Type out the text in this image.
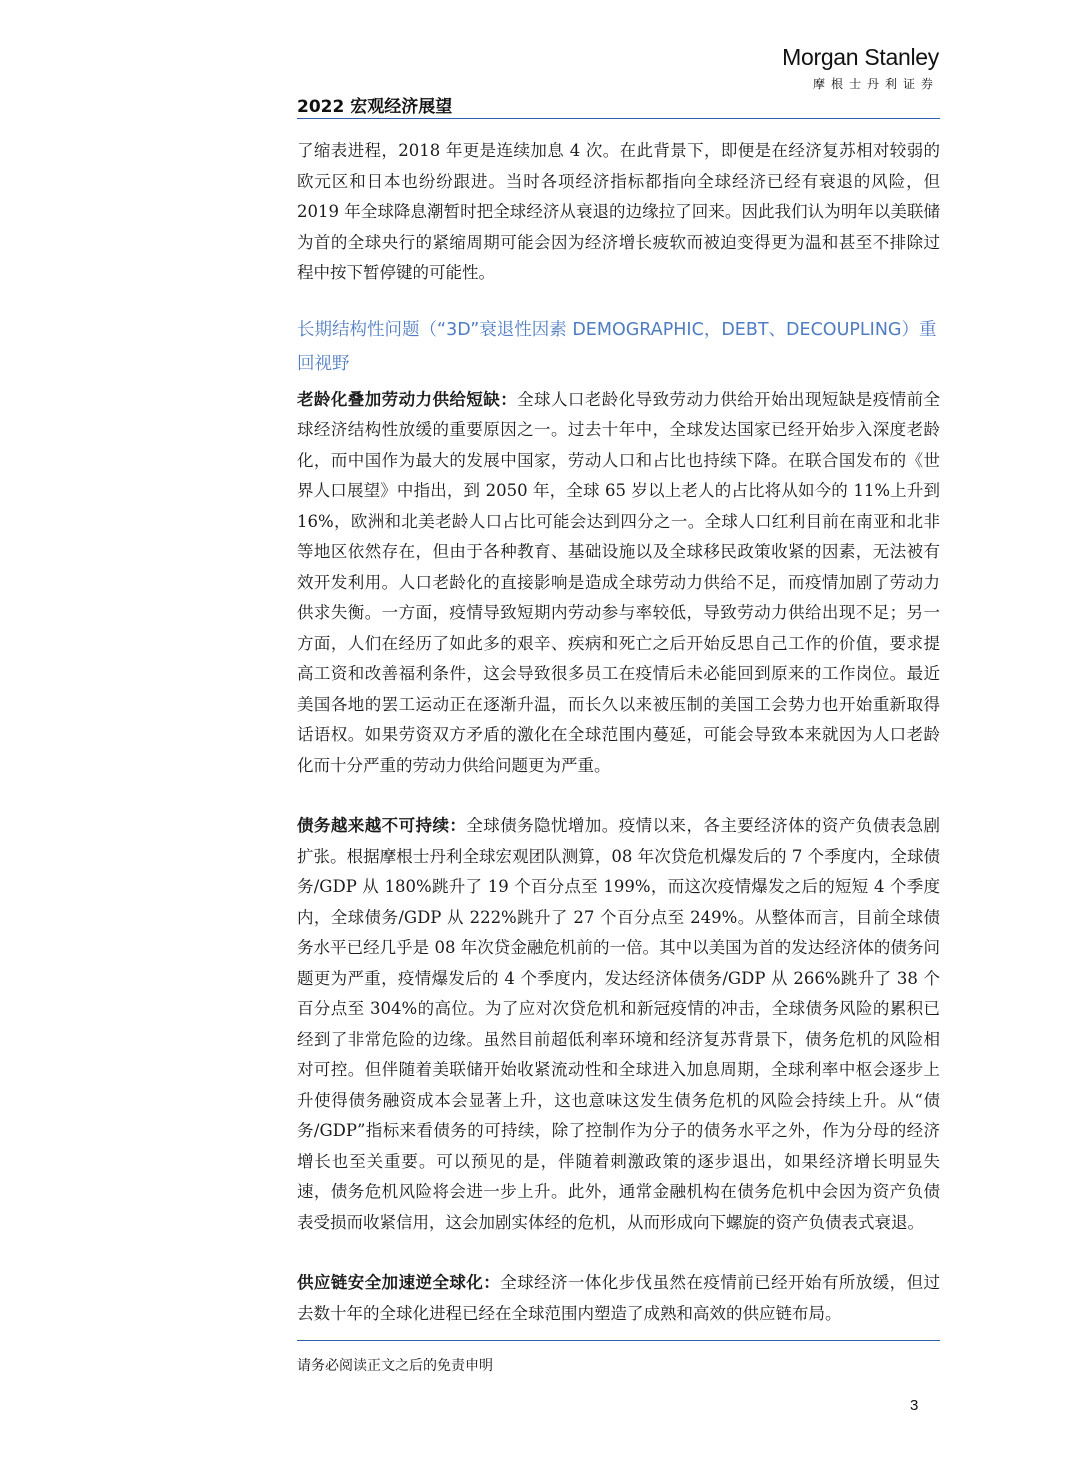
Morgan Stanley
摩根士丹利证券
2022 宏观经济展望

了缩表进程，2018 年更是连续加息 4 次。在此背景下，即便是在经济复苏相对较弱的欧元区和日本也纷纷跟进。当时各项经济指标都指向全球经济已经有衰退的风险，但 2019 年全球降息潮暂时把全球经济从衰退的边缘拉了回来。因此我们认为明年以美联储为首的全球央行的紧缩周期可能会因为经济增长疲软而被迫变得更为温和甚至不排除过程中按下暂停键的可能性。

长期结构性问题（“3D”衰退性因素 DEMOGRAPHIC，DEBT、DECOUPLING）重回视野

老龄化叠加劳动力供给短缺：全球人口老龄化导致劳动力供给开始出现短缺是疫情前全球经济结构性放缓的重要原因之一。过去十年中，全球发达国家已经开始步入深度老龄化，而中国作为最大的发展中国家，劳动人口和占比也持续下降。在联合国发布的《世界人口展望》中指出，到 2050 年，全球 65 岁以上老人的占比将从如今的 11%上升到 16%，欧洲和北美老龄人口占比可能会达到四分之一。全球人口红利目前在南亚和北非等地区依然存在，但由于各种教育、基础设施以及全球移民政策收紧的因素，无法被有效开发利用。人口老龄化的直接影响是造成全球劳动力供给不足，而疫情加剧了劳动力供求失衡。一方面，疫情导致短期内劳动参与率较低，导致劳动力供给出现不足；另一方面，人们在经历了如此多的艰辛、疾病和死亡之后开始反思自己工作的价值，要求提高工资和改善福利条件，这会导致很多员工在疫情后未必能回到原来的工作岗位。最近美国各地的罢工运动正在逐渐升温，而长久以来被压制的美国工会势力也开始重新取得话语权。如果劳资双方矛盾的激化在全球范围内蔓延，可能会导致本来就因为人口老龄化而十分严重的劳动力供给问题更为严重。

债务越来越不可持续：全球债务隐忧增加。疫情以来，各主要经济体的资产负债表急剧扩张。根据摩根士丹利全球宏观团队测算，08 年次贷危机爆发后的 7 个季度内，全球债务/GDP 从 180%跳升了 19 个百分点至 199%，而这次疫情爆发之后的短短 4 个季度内，全球债务/GDP 从 222%跳升了 27 个百分点至 249%。从整体而言，目前全球债务水平已经几乎是 08 年次贷金融危机前的一倍。其中以美国为首的发达经济体的债务问题更为严重，疫情爆发后的 4 个季度内，发达经济体债务/GDP 从 266%跳升了 38 个百分点至 304%的高位。为了应对次贷危机和新冠疫情的冲击，全球债务风险的累积已经到了非常危险的边缘。虽然目前超低利率环境和经济复苏背景下，债务危机的风险相对可控。但伴随着美联储开始收紧流动性和全球进入加息周期，全球利率中枢会逐步上升使得债务融资成本会显著上升，这也意味这发生债务危机的风险会持续上升。从“债务/GDP”指标来看债务的可持续，除了控制作为分子的债务水平之外，作为分母的经济增长也至关重要。可以预见的是，伴随着刺激政策的逐步退出，如果经济增长明显失速，债务危机风险将会进一步上升。此外，通常金融机构在债务危机中会因为资产负债表受损而收紧信用，这会加剧实体经的危机，从而形成向下螺旋的资产负债表式衰退。

供应链安全加速逆全球化：全球经济一体化步伐虽然在疫情前已经开始有所放缓，但过去数十年的全球化进程已经在全球范围内塑造了成熟和高效的供应链布局。

请务必阅读正文之后的免责申明
3
